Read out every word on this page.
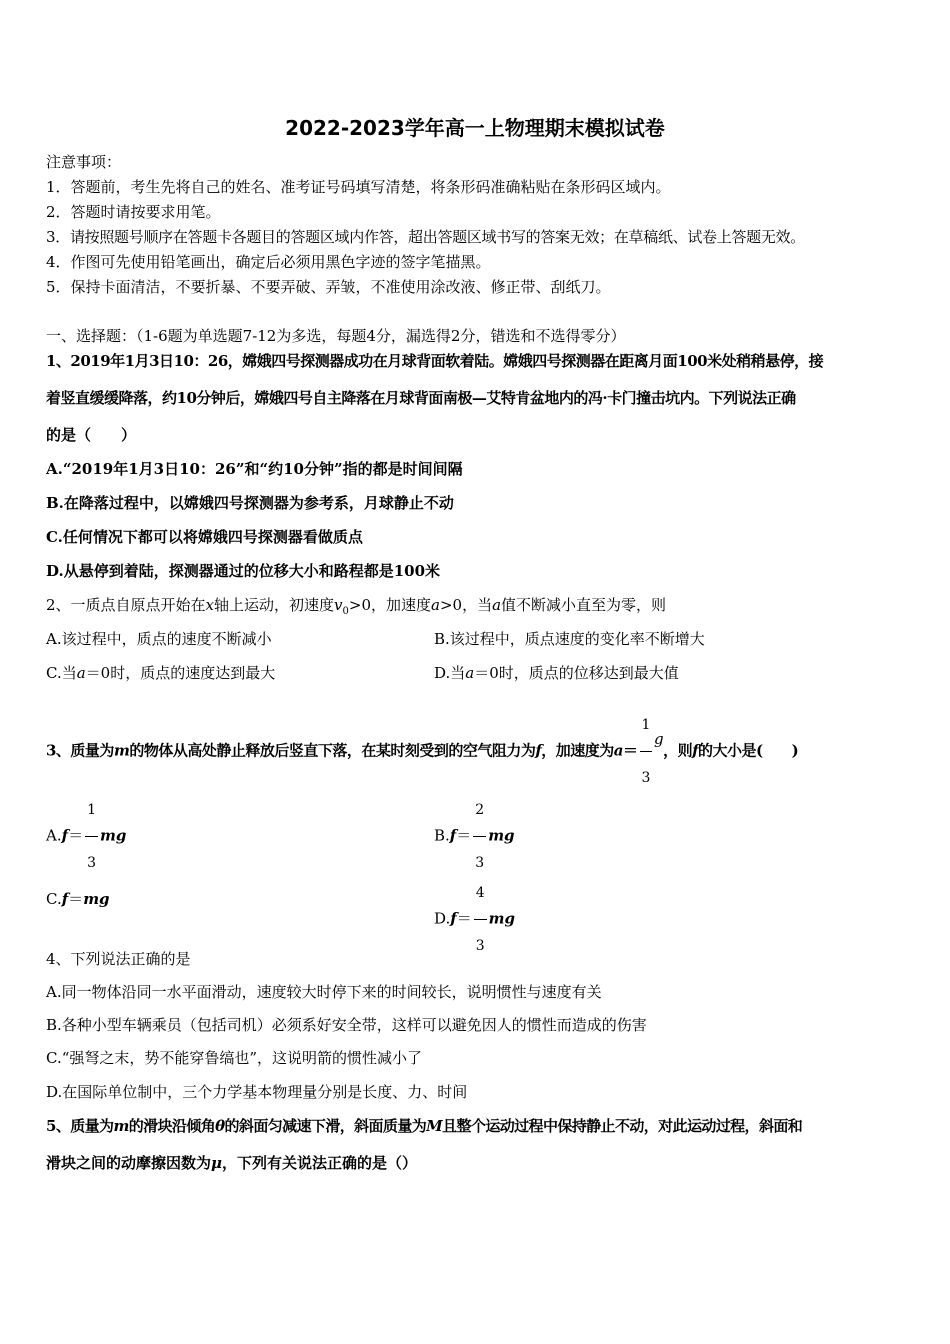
2022-2023学年高一上物理期末模拟试卷
注意事项：
1．答题前，考生先将自己的姓名、准考证号码填写清楚，将条形码准确粘贴在条形码区域内。
2．答题时请按要求用笔。
3．请按照题号顺序在答题卡各题目的答题区域内作答，超出答题区域书写的答案无效；在草稿纸、试卷上答题无效。
4．作图可先使用铅笔画出，确定后必须用黑色字迹的签字笔描黑。
5．保持卡面清洁，不要折暴、不要弄破、弄皱，不准使用涂改液、修正带、刮纸刀。
一、选择题：（1-6题为单选题7-12为多选，每题4分，漏选得2分，错选和不选得零分）
1、2019年1月3日10：26，嫦娥四号探测器成功在月球背面软着陆。嫦娥四号探测器在距离月面100米处稍稍悬停，接
着竖直缓缓降落，约10分钟后，嫦娥四号自主降落在月球背面南极—艾特肯盆地内的冯·卡门撞击坑内。下列说法正确
的是（　　）
A.“2019年1月3日10：26”和“约10分钟”指的都是时间间隔
B.在降落过程中，以嫦娥四号探测器为参考系，月球静止不动
C.任何情况下都可以将嫦娥四号探测器看做质点
D.从悬停到着陆，探测器通过的位移大小和路程都是100米
2、一质点自原点开始在x轴上运动，初速度$v_0>0$，加速度a>0，当a值不断减小直至为零，则
A.该过程中，质点的速度不断减小	B.该过程中，质点速度的变化率不断增大
C.当a＝0时，质点的速度达到最大	D.当a＝0时，质点的位移达到最大值
3、质量为m的物体从高处静止释放后竖直下落，在某时刻受到的空气阻力为f，加速度为$a= \frac{1}{3}$ g，则f的大小是(　　)
$A.f= \frac{1}{3}$ mg	$B.f= \frac{2}{3}$ mg
C.f＝mg
$D.f= \frac{4}{3}$ mg
4、下列说法正确的是
A.同一物体沿同一水平面滑动，速度较大时停下来的时间较长，说明惯性与速度有关
B.各种小型车辆乘员（包括司机）必须系好安全带，这样可以避免因人的惯性而造成的伤害
C.“强弩之末，势不能穿鲁缟也”，这说明箭的惯性减小了
D.在国际单位制中，三个力学基本物理量分别是长度、力、时间
5、质量为m的滑块沿倾角θ的斜面匀减速下滑，斜面质量为M且整个运动过程中保持静止不动，对此运动过程，斜面和
滑块之间的动摩擦因数为μ，下列有关说法正确的是（）
